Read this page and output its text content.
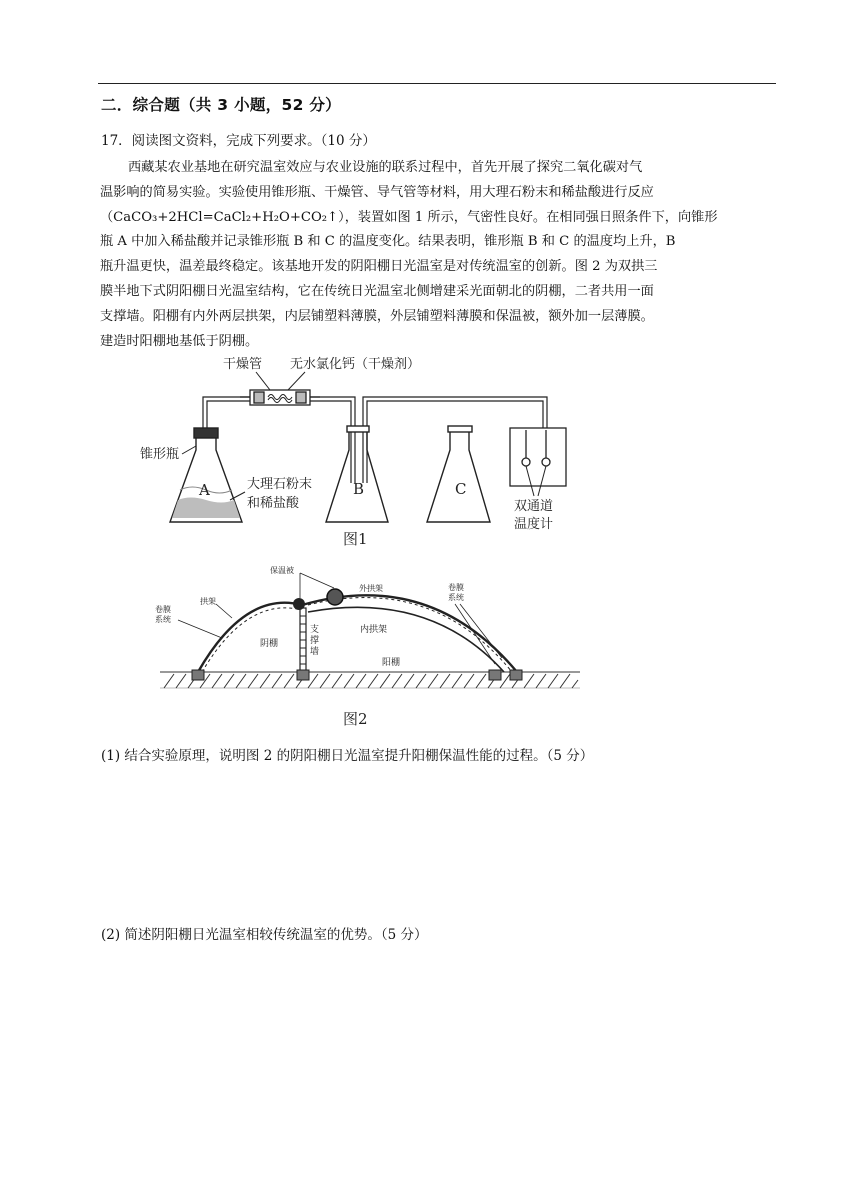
二．综合题（共 3 小题，52 分）
17．阅读图文资料，完成下列要求。（10 分）

西藏某农业基地在研究温室效应与农业设施的联系过程中，首先开展了探究二氧化碳对气

温影响的简易实验。实验使用锥形瓶、干燥管、导气管等材料，用大理石粉末和稀盐酸进行反应

（CaCO₃+2HCl=CaCl₂+H₂O+CO₂↑），装置如图 1 所示，气密性良好。在相同强日照条件下，向锥形

瓶 A 中加入稀盐酸并记录锥形瓶 B 和 C 的温度变化。结果表明，锥形瓶 B 和 C 的温度均上升，B

瓶升温更快，温差最终稳定。该基地开发的阴阳棚日光温室是对传统温室的创新。图 2 为双拱三

膜半地下式阴阳棚日光温室结构，它在传统日光温室北侧增建采光面朝北的阴棚，二者共用一面

支撑墙。阳棚有内外两层拱架，内层铺塑料薄膜，外层铺塑料薄膜和保温被，额外加一层薄膜。

建造时阳棚地基低于阴棚。

干燥管 无水氯化钙（干燥剂）
A
锥形瓶
大理石粉末
和稀盐酸
B	C
双通道
温度计
图1
保温被
外拱架	卷膜
系统
卷膜
系统
拱架
支
撑
墙
内拱架
阴棚
阳棚
图2
(1) 结合实验原理，说明图 2 的阴阳棚日光温室提升阳棚保温性能的过程。（5 分）
(2) 简述阴阳棚日光温室相较传统温室的优势。（5 分）
